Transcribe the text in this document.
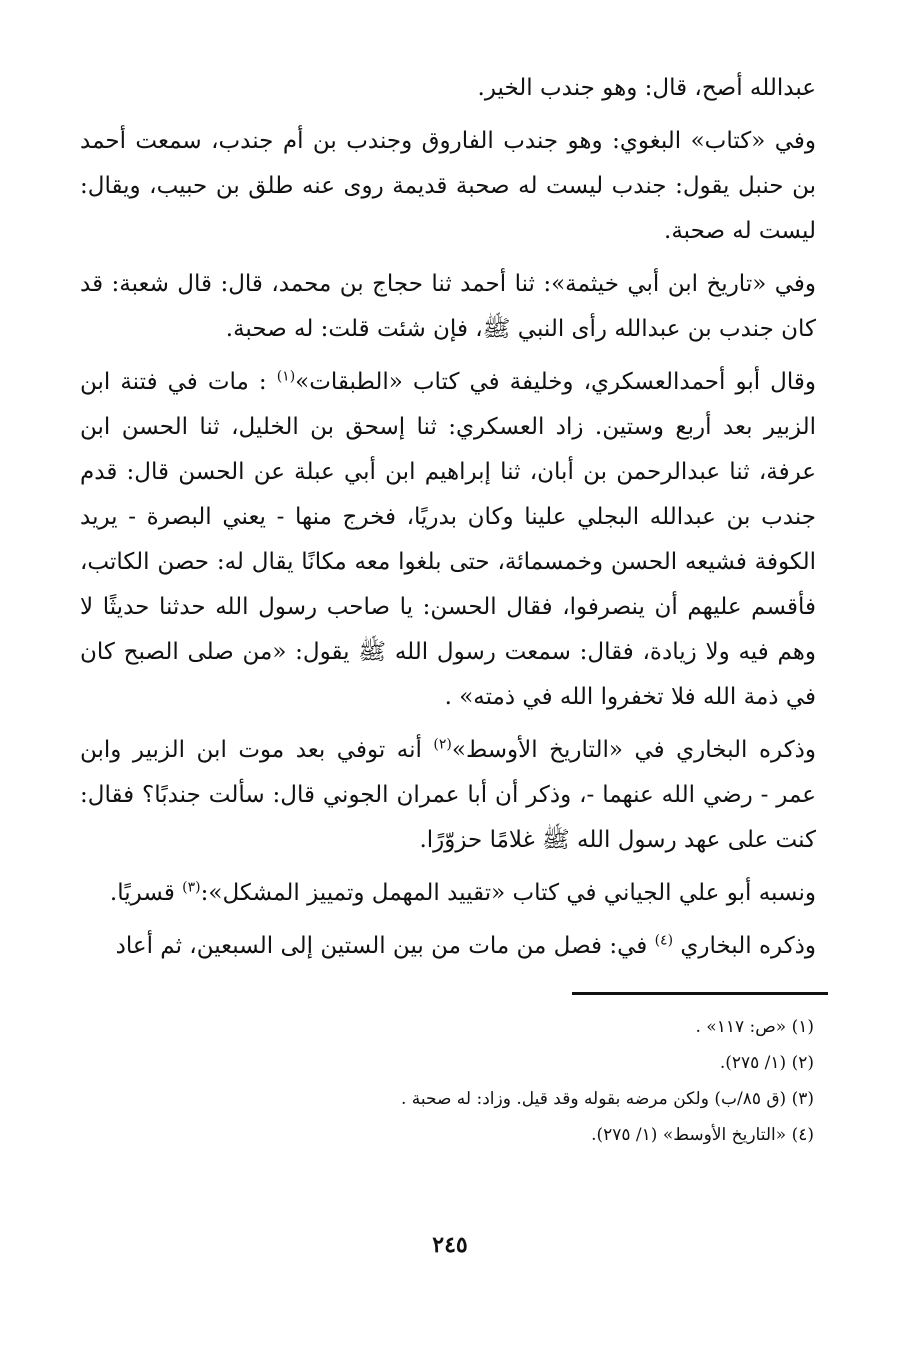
عبدالله أصح، قال: وهو جندب الخير.

وفي «كتاب» البغوي: وهو جندب الفاروق وجندب بن أم جندب، سمعت أحمد بن حنبل يقول: جندب ليست له صحبة قديمة روى عنه طلق بن حبيب، ويقال: ليست له صحبة.

وفي «تاريخ ابن أبي خيثمة»: ثنا أحمد ثنا حجاج بن محمد، قال: قال شعبة: قد كان جندب بن عبدالله رأى النبي ﷺ، فإن شئت قلت: له صحبة.

وقال أبو أحمدالعسكري، وخليفة في كتاب «الطبقات»$^{(١)}$ : مات في فتنة ابن الزبير بعد أربع وستين. زاد العسكري: ثنا إسحق بن الخليل، ثنا الحسن ابن عرفة، ثنا عبدالرحمن بن أبان، ثنا إبراهيم ابن أبي عبلة عن الحسن قال: قدم جندب بن عبدالله البجلي علينا وكان بدريًا، فخرج منها - يعني البصرة - يريد الكوفة فشيعه الحسن وخمسمائة، حتى بلغوا معه مكانًا يقال له: حصن الكاتب، فأقسم عليهم أن ينصرفوا، فقال الحسن: يا صاحب رسول الله حدثنا حديثًا لا وهم فيه ولا زيادة، فقال: سمعت رسول الله ﷺ يقول: «من صلى الصبح كان في ذمة الله فلا تخفروا الله في ذمته» .

وذكره البخاري في «التاريخ الأوسط»$^{(٢)}$ أنه توفي بعد موت ابن الزبير وابن عمر - رضي الله عنهما -، وذكر أن أبا عمران الجوني قال: سألت جندبًا؟ فقال: كنت على عهد رسول الله ﷺ غلامًا حزوّرًا.

ونسبه أبو علي الجياني في كتاب «تقييد المهمل وتمييز المشكل»:$^{(٣)}$ قسريًا.

وذكره البخاري $^{(٤)}$ في: فصل من مات من بين الستين إلى السبعين، ثم أعاد

(١) «ص: ١١٧» .

(٢) (١/ ٢٧٥).

(٣) (ق ٨٥/ب) ولكن مرضه بقوله وقد قيل. وزاد: له صحبة .

(٤) «التاريخ الأوسط» (١/ ٢٧٥).

٢٤٥
